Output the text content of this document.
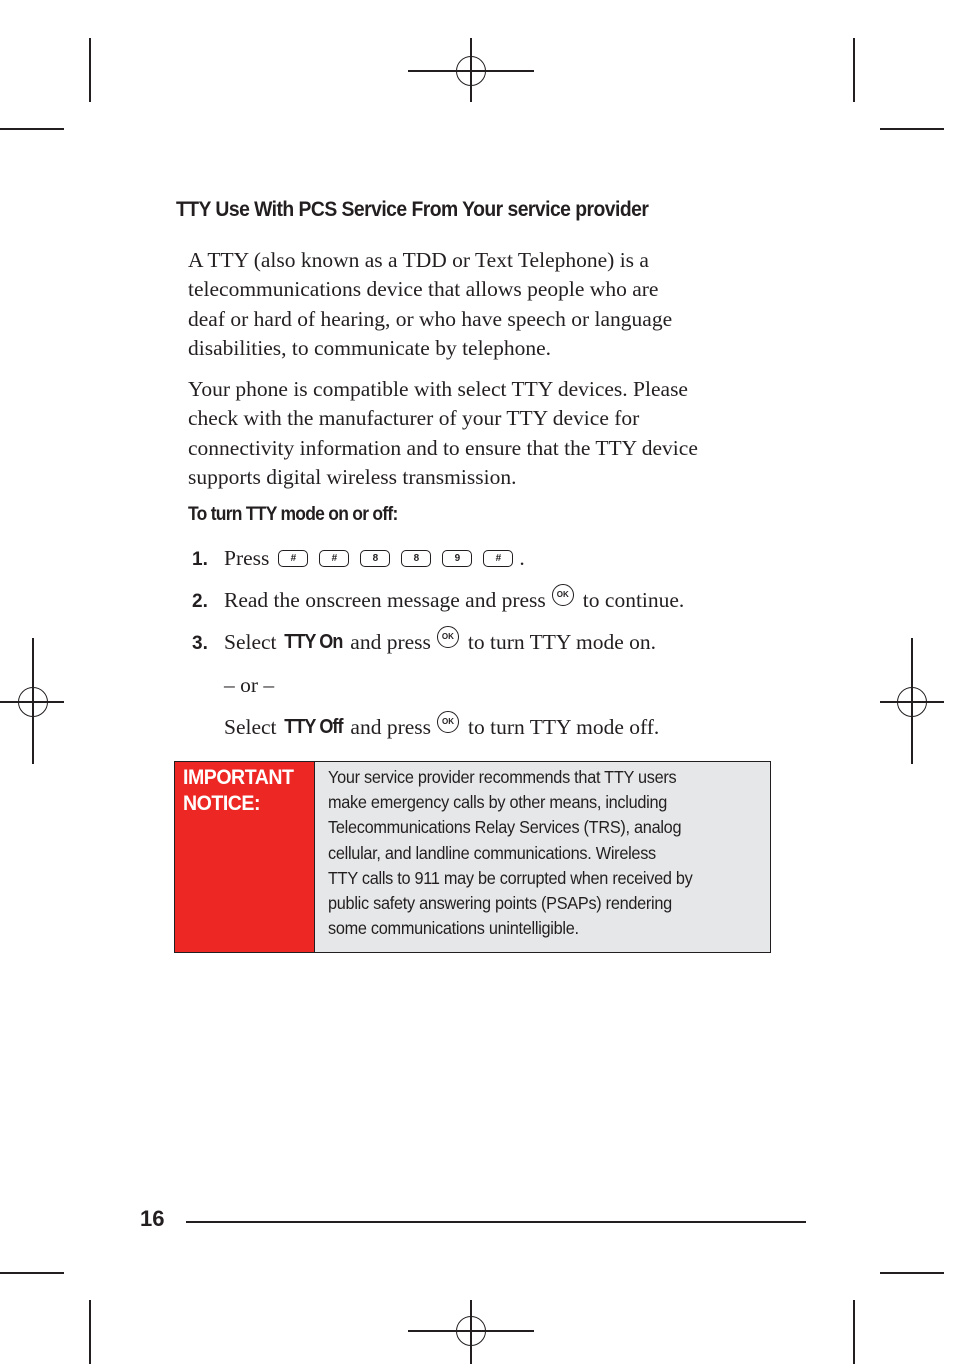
TTY Use With PCS Service From Your service provider

A TTY (also known as a TDD or Text Telephone) is a
telecommunications device that allows people who are
deaf or hard of hearing, or who have speech or language
disabilities, to communicate by telephone.

Your phone is compatible with select TTY devices. Please
check with the manufacturer of your TTY device for
connectivity information and to ensure that the TTY device
supports digital wireless transmission.

To turn TTY mode on or off:
1. Press	#	#	8	8	9	# .
2. Read the onscreen message and press	OK to continue.
3. Select TTY On and press	OK to turn TTY mode on.
– or –
Select TTY Off and press	OK to turn TTY mode off.
IMPORTANT
NOTICE:
Your service provider recommends that TTY users
make emergency calls by other means, including
Telecommunications Relay Services (TRS), analog
cellular, and landline communications. Wireless
TTY calls to 911 may be corrupted when received by
public safety answering points (PSAPs) rendering
some communications unintelligible.
16
